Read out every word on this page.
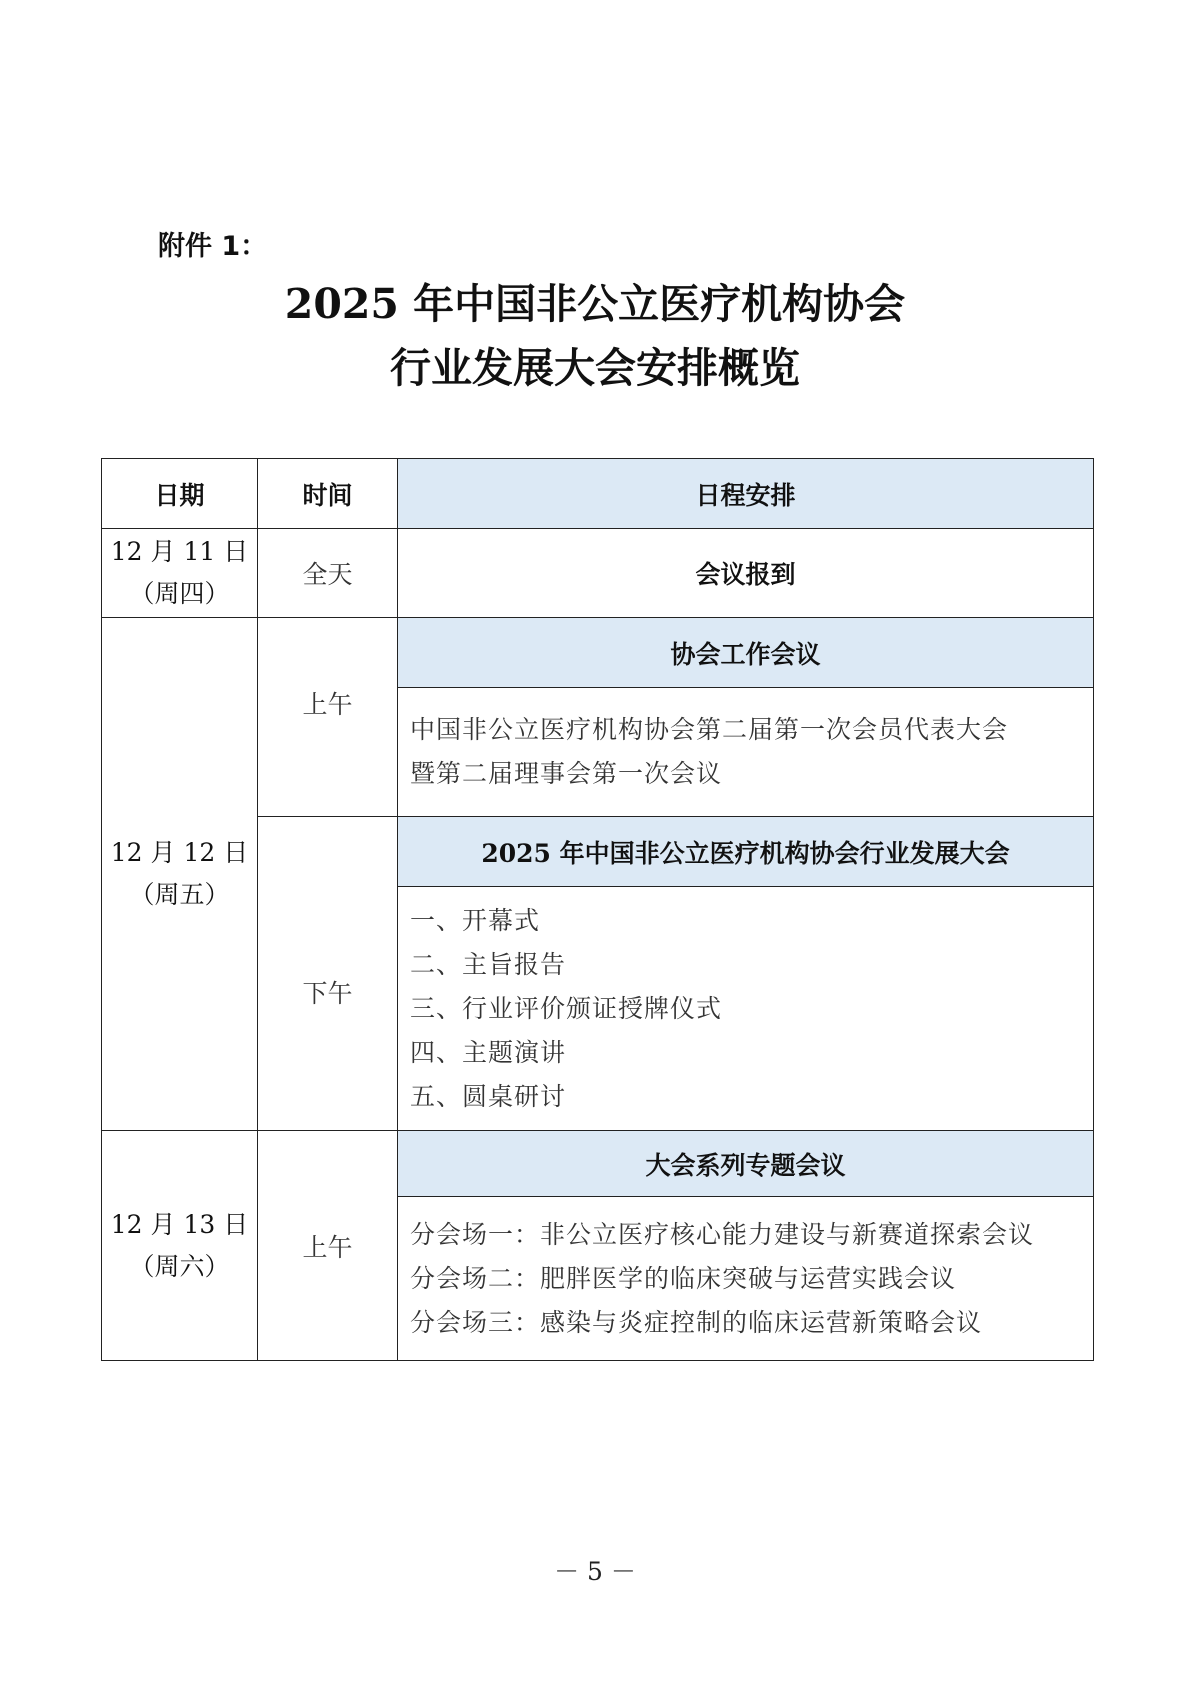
附件 1：
2025 年中国非公立医疗机构协会
行业发展大会安排概览
日期	时间	日程安排

12 月 11 日
（周四）	全天	会议报到

12 月 12 日
（周五）	上午	协会工作会议

		中国非公立医疗机构协会第二届第一次会员代表大会
暨第二届理事会第一次会议

	下午	2025 年中国非公立医疗机构协会行业发展大会

		一、开幕式
二、主旨报告
三、行业评价颁证授牌仪式
四、主题演讲
五、圆桌研讨

12 月 13 日
（周六）	上午	大会系列专题会议

		分会场一：非公立医疗核心能力建设与新赛道探索会议
分会场二：肥胖医学的临床突破与运营实践会议
分会场三：感染与炎症控制的临床运营新策略会议
－ 5 －
